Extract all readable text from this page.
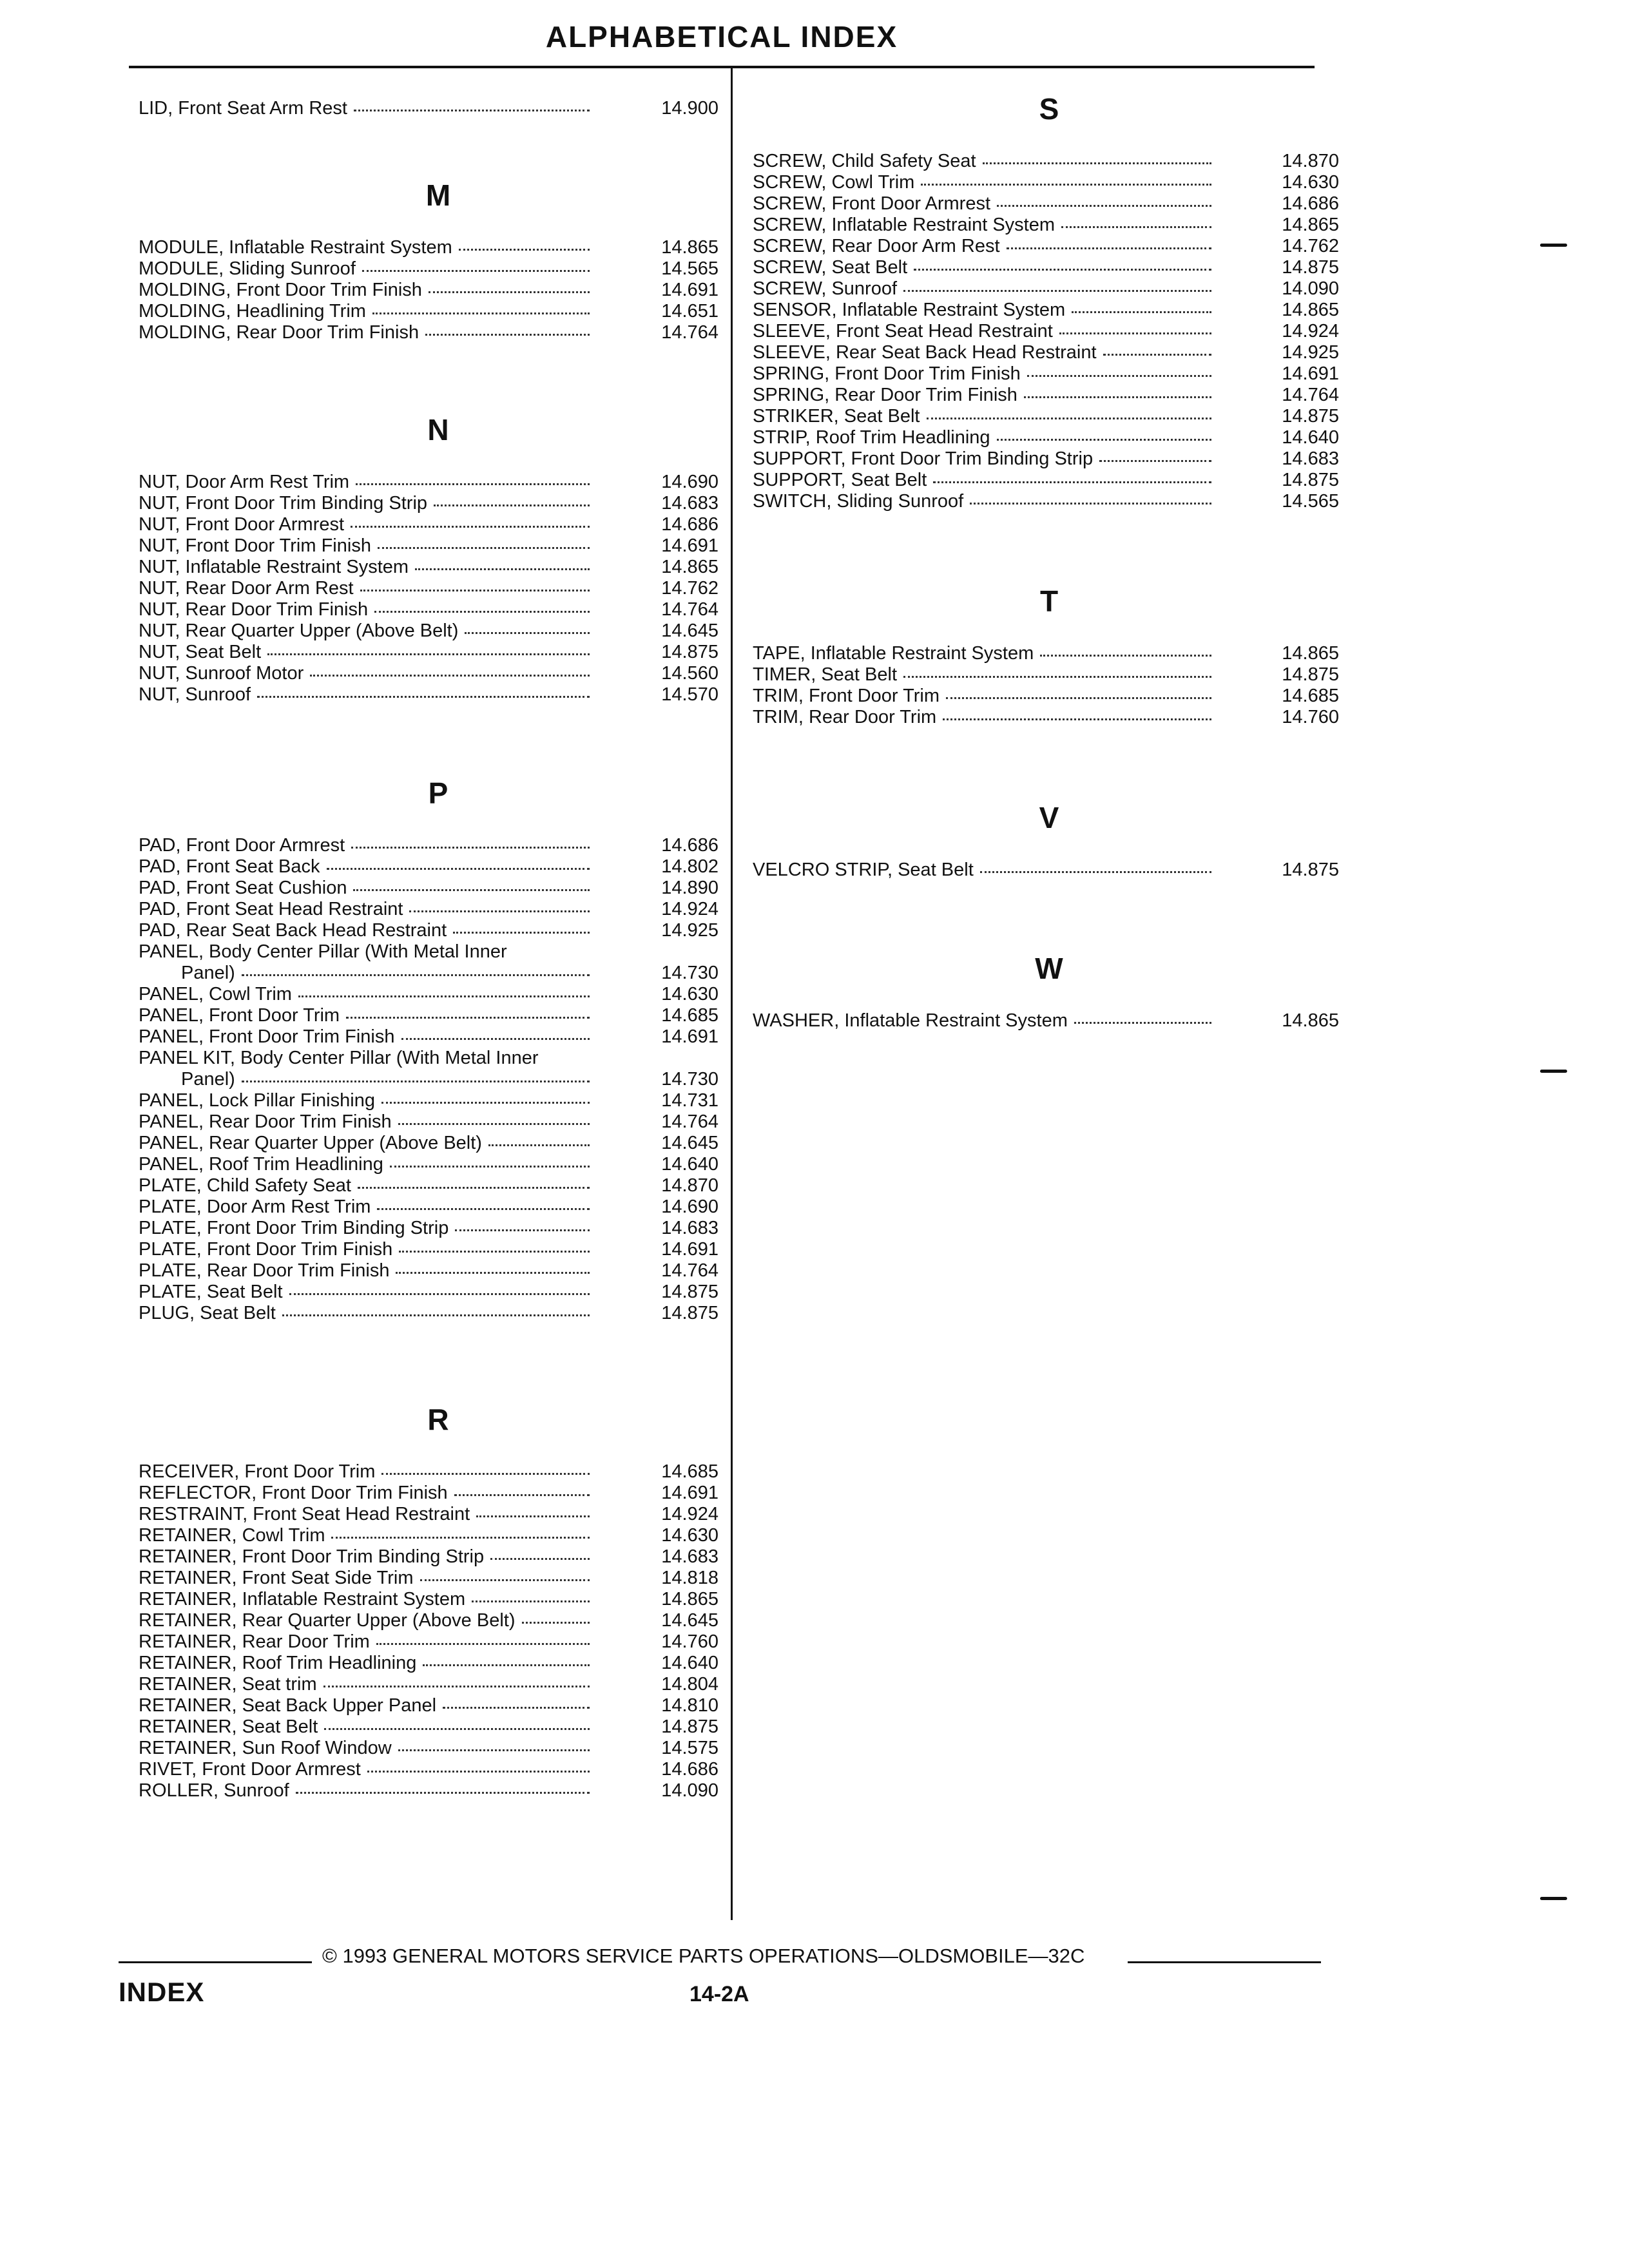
ALPHABETICAL INDEX
LID, Front Seat Arm Rest	14.900
M
MODULE, Inflatable Restraint System	14.865
MODULE, Sliding Sunroof	14.565
MOLDING, Front Door Trim Finish	14.691
MOLDING, Headlining Trim	14.651
MOLDING, Rear Door Trim Finish	14.764
N
NUT, Door Arm Rest Trim	14.690
NUT, Front Door Trim Binding Strip	14.683
NUT, Front Door Armrest	14.686
NUT, Front Door Trim Finish	14.691
NUT, Inflatable Restraint System	14.865
NUT, Rear Door Arm Rest	14.762
NUT, Rear Door Trim Finish	14.764
NUT, Rear Quarter Upper (Above Belt)	14.645
NUT, Seat Belt	14.875
NUT, Sunroof Motor	14.560
NUT, Sunroof	14.570
P
PAD, Front Door Armrest	14.686
PAD, Front Seat Back	14.802
PAD, Front Seat Cushion	14.890
PAD, Front Seat Head Restraint	14.924
PAD, Rear Seat Back Head Restraint	14.925
PANEL, Body Center Pillar (With Metal Inner
Panel)	14.730
PANEL, Cowl Trim	14.630
PANEL, Front Door Trim	14.685
PANEL, Front Door Trim Finish	14.691
PANEL KIT, Body Center Pillar (With Metal Inner
Panel)	14.730
PANEL, Lock Pillar Finishing	14.731
PANEL, Rear Door Trim Finish	14.764
PANEL, Rear Quarter Upper (Above Belt)	14.645
PANEL, Roof Trim Headlining	14.640
PLATE, Child Safety Seat	14.870
PLATE, Door Arm Rest Trim	14.690
PLATE, Front Door Trim Binding Strip	14.683
PLATE, Front Door Trim Finish	14.691
PLATE, Rear Door Trim Finish	14.764
PLATE, Seat Belt	14.875
PLUG, Seat Belt	14.875
R
RECEIVER, Front Door Trim	14.685
REFLECTOR, Front Door Trim Finish	14.691
RESTRAINT, Front Seat Head Restraint	14.924
RETAINER, Cowl Trim	14.630
RETAINER, Front Door Trim Binding Strip	14.683
RETAINER, Front Seat Side Trim	14.818
RETAINER, Inflatable Restraint System	14.865
RETAINER, Rear Quarter Upper (Above Belt)	14.645
RETAINER, Rear Door Trim	14.760
RETAINER, Roof Trim Headlining	14.640
RETAINER, Seat trim	14.804
RETAINER, Seat Back Upper Panel	14.810
RETAINER, Seat Belt	14.875
RETAINER, Sun Roof Window	14.575
RIVET, Front Door Armrest	14.686
ROLLER, Sunroof	14.090
S
SCREW, Child Safety Seat	14.870
SCREW, Cowl Trim	14.630
SCREW, Front Door Armrest	14.686
SCREW, Inflatable Restraint System	14.865
SCREW, Rear Door Arm Rest	14.762
SCREW, Seat Belt	14.875
SCREW, Sunroof	14.090
SENSOR, Inflatable Restraint System	14.865
SLEEVE, Front Seat Head Restraint	14.924
SLEEVE, Rear Seat Back Head Restraint	14.925
SPRING, Front Door Trim Finish	14.691
SPRING, Rear Door Trim Finish	14.764
STRIKER, Seat Belt	14.875
STRIP, Roof Trim Headlining	14.640
SUPPORT, Front Door Trim Binding Strip	14.683
SUPPORT, Seat Belt	14.875
SWITCH, Sliding Sunroof	14.565
T
TAPE, Inflatable Restraint System	14.865
TIMER, Seat Belt	14.875
TRIM, Front Door Trim	14.685
TRIM, Rear Door Trim	14.760
V
VELCRO STRIP, Seat Belt	14.875
W
WASHER, Inflatable Restraint System	14.865
© 1993 GENERAL MOTORS SERVICE PARTS OPERATIONS—OLDSMOBILE—32C
INDEX	14-2A
